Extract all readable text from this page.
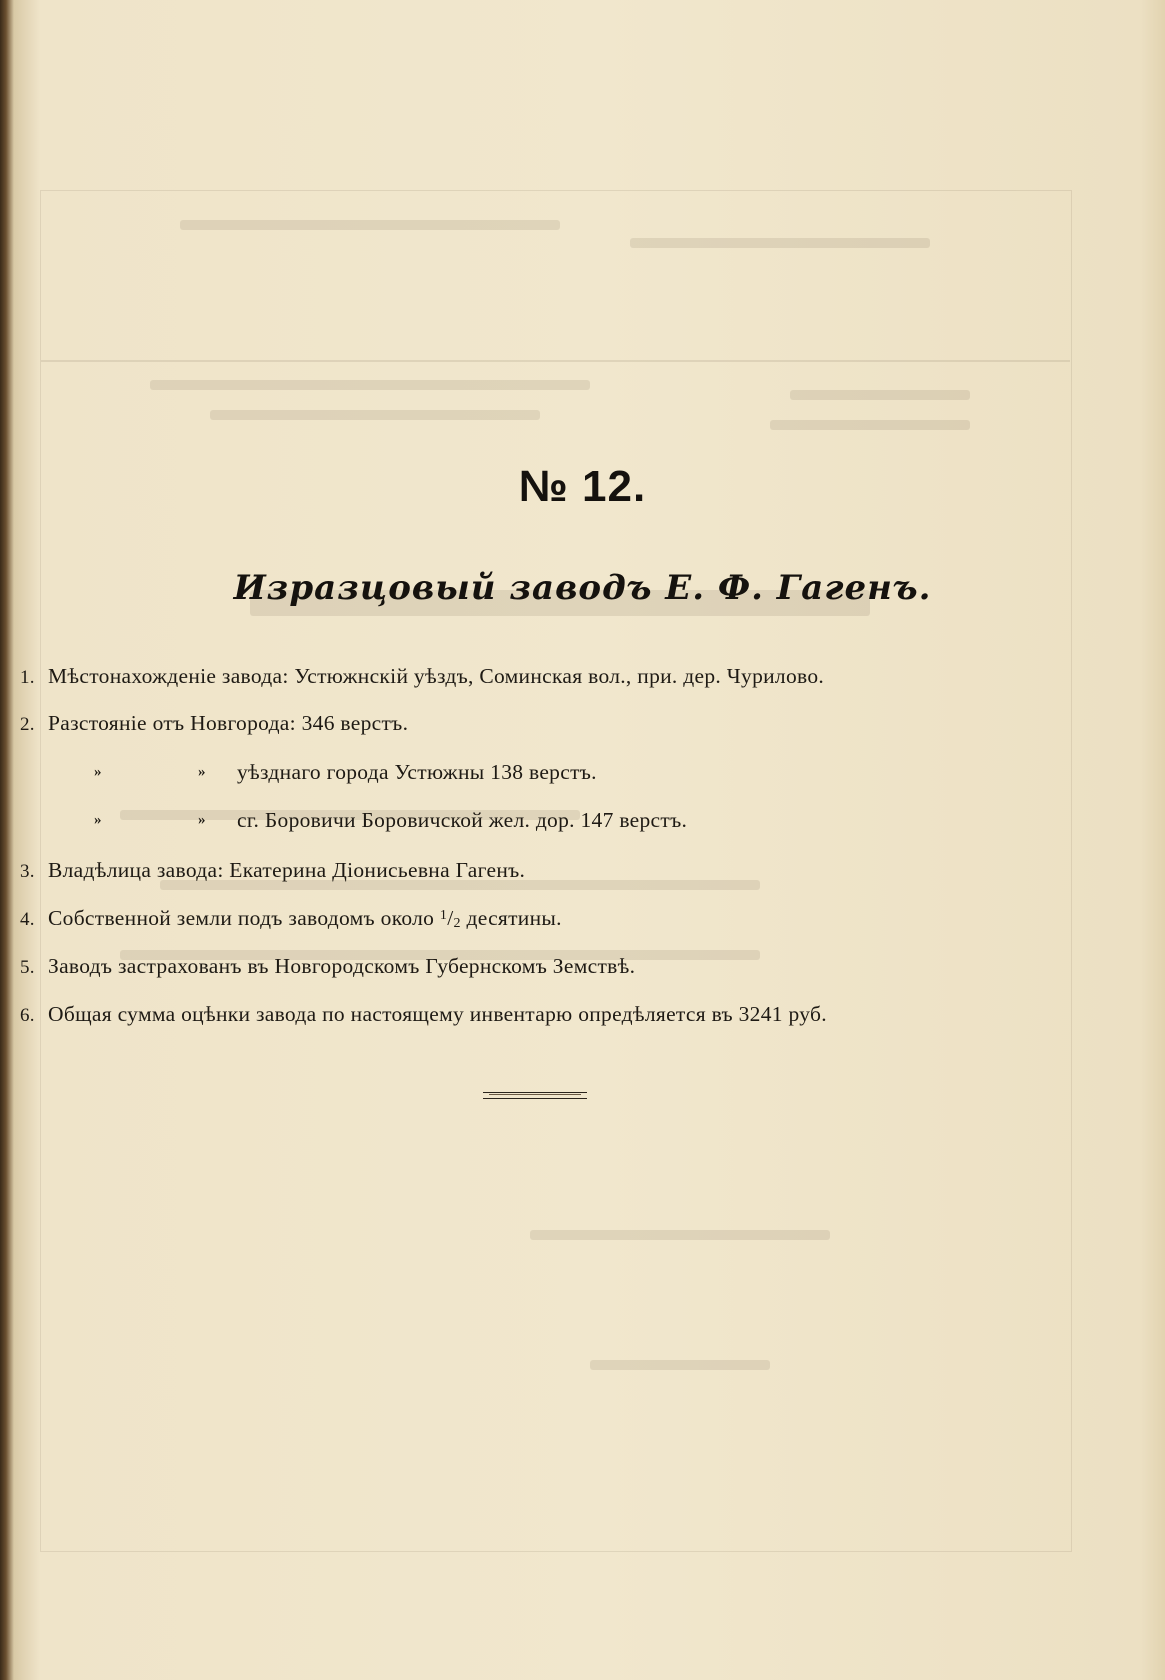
№ 12.
Изразцовый заводъ Е. Ф. Гагенъ.
1. Мѣстонахожденіе завода: Устюжнскій уѣздъ, Соминская вол., при. дер. Чурилово.
2. Разстояніе отъ Новгорода: 346 верстъ.
»	» уѣзднаго города Устюжны 138 верстъ.
»	» сг. Боровичи Боровичской жел. дор. 147 верстъ.
3. Владѣлица завода: Екатерина Діонисьевна Гагенъ.
4. Собственной земли подъ заводомъ около $^1$/2 десятины.
5. Заводъ застрахованъ въ Новгородскомъ Губернскомъ Земствѣ.
6. Общая сумма оцѣнки завода по настоящему инвентарю опредѣляется въ 3241 руб.
